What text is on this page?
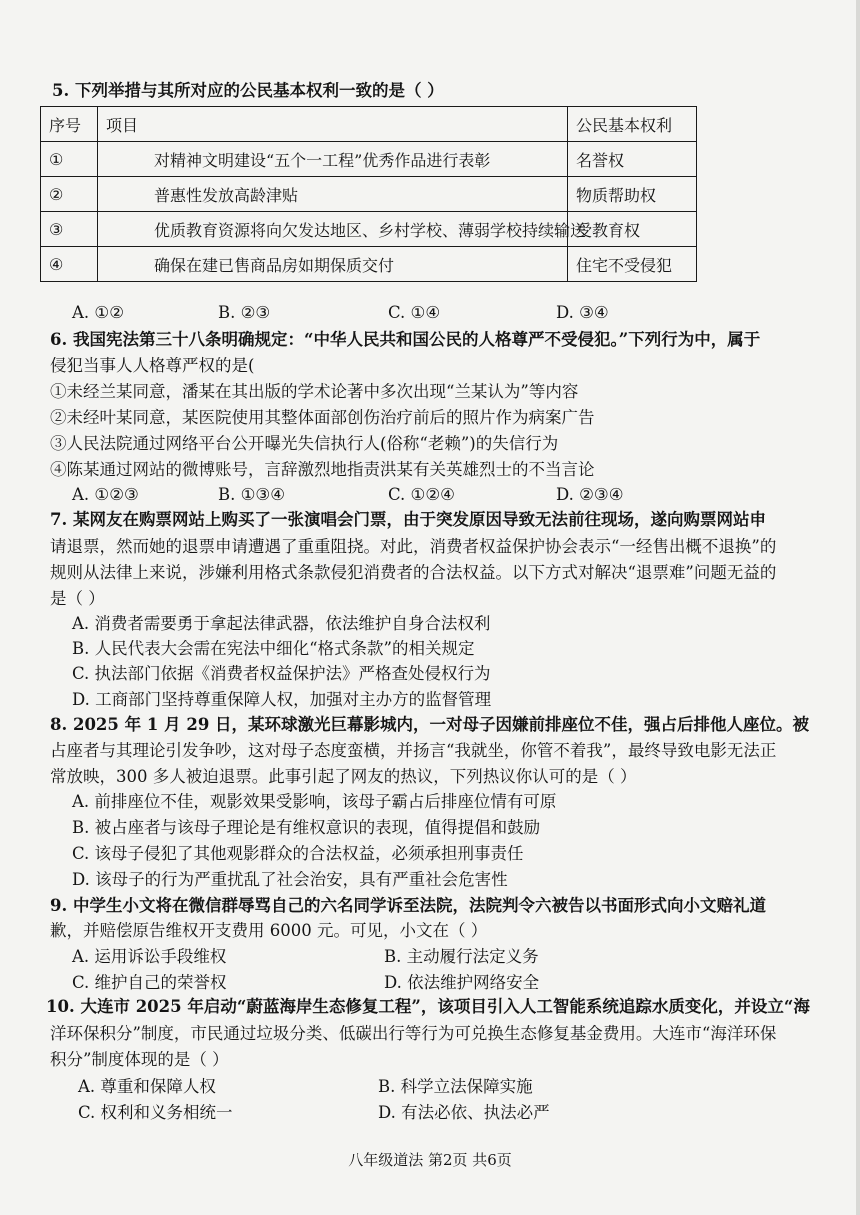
5. 下列举措与其所对应的公民基本权利一致的是（ ）
序号	项目	公民基本权利
①	对精神文明建设“五个一工程”优秀作品进行表彰	名誉权
②	普惠性发放高龄津贴	物质帮助权
③	优质教育资源将向欠发达地区、乡村学校、薄弱学校持续输送	受教育权
④	确保在建已售商品房如期保质交付	住宅不受侵犯
A. ①②	B. ②③	C. ①④	D. ③④
6. 我国宪法第三十八条明确规定：“中华人民共和国公民的人格尊严不受侵犯。”下列行为中，属于
侵犯当事人人格尊严权的是(
①未经兰某同意，潘某在其出版的学术论著中多次出现“兰某认为”等内容
②未经叶某同意，某医院使用其整体面部创伤治疗前后的照片作为病案广告
③人民法院通过网络平台公开曝光失信执行人(俗称“老赖”)的失信行为
④陈某通过网站的微博账号，言辞激烈地指责洪某有关英雄烈士的不当言论
A. ①②③	B. ①③④	C. ①②④	D. ②③④
7. 某网友在购票网站上购买了一张演唱会门票，由于突发原因导致无法前往现场，遂向购票网站申
请退票，然而她的退票申请遭遇了重重阻挠。对此，消费者权益保护协会表示“一经售出概不退换”的
规则从法律上来说，涉嫌利用格式条款侵犯消费者的合法权益。以下方式对解决“退票难”问题无益的
是（ ）
A. 消费者需要勇于拿起法律武器，依法维护自身合法权利
B. 人民代表大会需在宪法中细化“格式条款”的相关规定
C. 执法部门依据《消费者权益保护法》严格查处侵权行为
D. 工商部门坚持尊重保障人权，加强对主办方的监督管理
8. 2025 年 1 月 29 日，某环球激光巨幕影城内，一对母子因嫌前排座位不佳，强占后排他人座位。被
占座者与其理论引发争吵，这对母子态度蛮横，并扬言“我就坐，你管不着我”，最终导致电影无法正
常放映，300 多人被迫退票。此事引起了网友的热议，下列热议你认可的是（ ）
A. 前排座位不佳，观影效果受影响，该母子霸占后排座位情有可原
B. 被占座者与该母子理论是有维权意识的表现，值得提倡和鼓励
C. 该母子侵犯了其他观影群众的合法权益，必须承担刑事责任
D. 该母子的行为严重扰乱了社会治安，具有严重社会危害性
9. 中学生小文将在微信群辱骂自己的六名同学诉至法院，法院判令六被告以书面形式向小文赔礼道
歉，并赔偿原告维权开支费用 6000 元。可见，小文在（ ）
A. 运用诉讼手段维权	B. 主动履行法定义务
C. 维护自己的荣誉权	D. 依法维护网络安全
10. 大连市 2025 年启动“蔚蓝海岸生态修复工程”，该项目引入人工智能系统追踪水质变化，并设立“海
洋环保积分”制度，市民通过垃圾分类、低碳出行等行为可兑换生态修复基金费用。大连市“海洋环保
积分”制度体现的是（ ）
A. 尊重和保障人权	B. 科学立法保障实施
C. 权利和义务相统一	D. 有法必依、执法必严
八年级道法 第2页 共6页
